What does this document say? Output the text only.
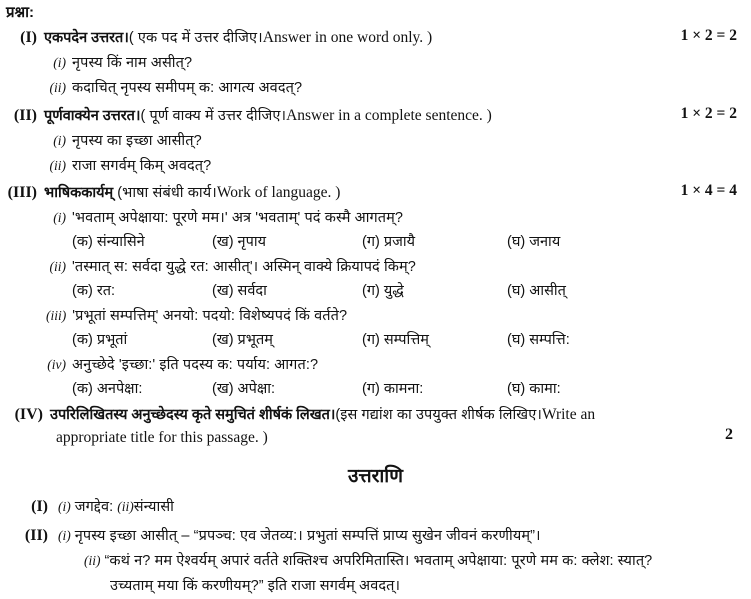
प्रश्ना:
(I) एकपदेन उत्तरत।( एक पद में उत्तर दीजिए।Answer in one word only. )	1 × 2 = 2
(i) नृपस्य किं नाम असीत्?
(ii) कदाचित् नृपस्य समीपम् क: आगत्य अवदत्?
(II) पूर्णवाक्येन उत्तरत।( पूर्ण वाक्य में उत्तर दीजिए।Answer in a complete sentence. )	1 × 2 = 2
(i) नृपस्य का इच्छा आसीत्?
(ii) राजा सगर्वम् किम् अवदत्?
(III) भाषिककार्यम् (भाषा संबंधी कार्य।Work of language. )	1 × 4 = 4
(i) 'भवताम् अपेक्षाया: पूरणे मम।' अत्र 'भवताम्' पदं कस्मै आगतम्?
(क) संन्यासिने	(ख) नृपाय	(ग) प्रजायै	(घ) जनाय
(ii) 'तस्मात् स: सर्वदा युद्धे रत: आसीत्'। अस्मिन् वाक्ये क्रियापदं किम्?
(क) रत:	(ख) सर्वदा	(ग) युद्धे	(घ) आसीत्
(iii) 'प्रभूतां सम्पत्तिम्' अनयो: पदयो: विशेष्यपदं किं वर्तते?
(क) प्रभूतां	(ख) प्रभूतम्	(ग) सम्पत्तिम्	(घ) सम्पत्ति:
(iv) अनुच्छेदे 'इच्छा:' इति पदस्य क: पर्याय: आगत:?
(क) अनपेक्षा:	(ख) अपेक्षा:	(ग) कामना:	(घ) कामा:
(IV) उपरिलिखितस्य अनुच्छेदस्य कृते समुचितं शीर्षकं लिखत।(इस गद्यांश का उपयुक्त शीर्षक लिखिए।Write an
appropriate title for this passage. )	2
उत्तराणि
(I) (i) जगद्देव: (ii)संन्यासी
(II) (i) नृपस्य इच्छा आसीत् – “प्रपञ्च: एव जेतव्य:। प्रभुतां सम्पत्तिं प्राप्य सुखेन जीवनं करणीयम्”।
(ii) “कथं न? मम ऐश्वर्यम् अपारं वर्तते शक्तिश्च अपरिमितास्ति। भवताम् अपेक्षाया: पूरणे मम क: क्लेश: स्यात्?
उच्यताम् मया किं करणीयम्?” इति राजा सगर्वम् अवदत्।
